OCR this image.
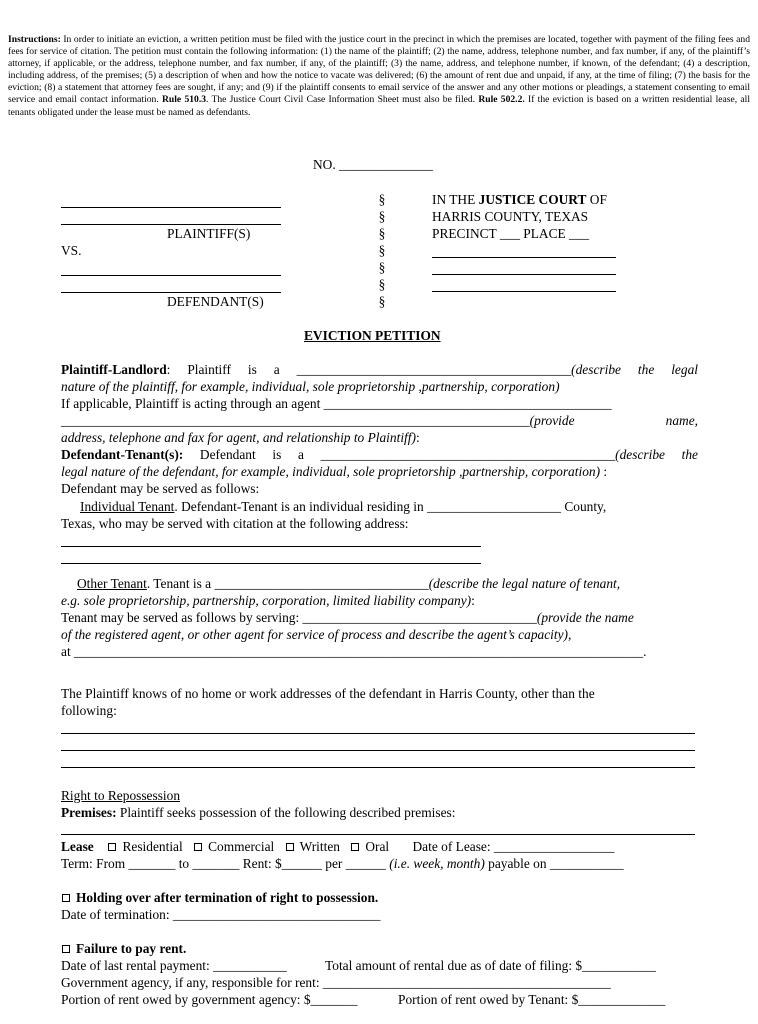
Instructions: In order to initiate an eviction, a written petition must be filed with the justice court in the precinct in which the premises are located, together with payment of the filing fees and fees for service of citation. The petition must contain the following information: (1) the name of the plaintiff; (2) the name, address, telephone number, and fax number, if any, of the plaintiff’s attorney, if applicable, or the address, telephone number, and fax number, if any, of the plaintiff; (3) the name, address, and telephone number, if known, of the defendant; (4) a description, including address, of the premises; (5) a description of when and how the notice to vacate was delivered; (6) the amount of rent due and unpaid, if any, at the time of filing; (7) the basis for the eviction; (8) a statement that attorney fees are sought, if any; and (9) if the plaintiff consents to email service of the answer and any other motions or pleadings, a statement consenting to email service and email contact information. Rule 510.3. The Justice Court Civil Case Information Sheet must also be filed. Rule 502.2. If the eviction is based on a written residential lease, all tenants obligated under the lease must be named as defendants.
NO. ______________
PLAINTIFF(S)
VS.
DEFENDANT(S)
§
§
§
§
§
§
§
IN THE JUSTICE COURT OF
HARRIS COUNTY, TEXAS
PRECINCT ___ PLACE ___
EVICTION PETITION
Plaintiff-Landlord: Plaintiff is a _________________________________________(describe the legal
nature of the plaintiff, for example, individual, sole proprietorship ,partnership, corporation)
If applicable, Plaintiff is acting through an agent ___________________________________________
______________________________________________________________________(provide name,
address, telephone and fax for agent, and relationship to Plaintiff):
Defendant-Tenant(s): Defendant is a ____________________________________________(describe the
legal nature of the defendant, for example, individual, sole proprietorship ,partnership, corporation) :
Defendant may be served as follows:
Individual Tenant. Defendant-Tenant is an individual residing in ____________________ County,
Texas, who may be served with citation at the following address:
Other Tenant. Tenant is a ________________________________(describe the legal nature of tenant,
e.g. sole proprietorship, partnership, corporation, limited liability company):
Tenant may be served as follows by serving: ___________________________________(provide the name
of the registered agent, or other agent for service of process and describe the agent’s capacity),
at _____________________________________________________________________________________.
The Plaintiff knows of no home or work addresses of the defendant in Harris County, other than the
following:
Right to Repossession
Premises: Plaintiff seeks possession of the following described premises:
Lease Residential Commercial Written Oral Date of Lease: __________________
Term: From _______ to _______ Rent: $______ per ______ (i.e. week, month) payable on ___________
Holding over after termination of right to possession.
Date of termination: _______________________________
Failure to pay rent.
Date of last rental payment: ___________	Total amount of rental due as of date of filing: $___________
Government agency, if any, responsible for rent: ___________________________________________
Portion of rent owed by government agency: $_______	Portion of rent owed by Tenant: $_____________
